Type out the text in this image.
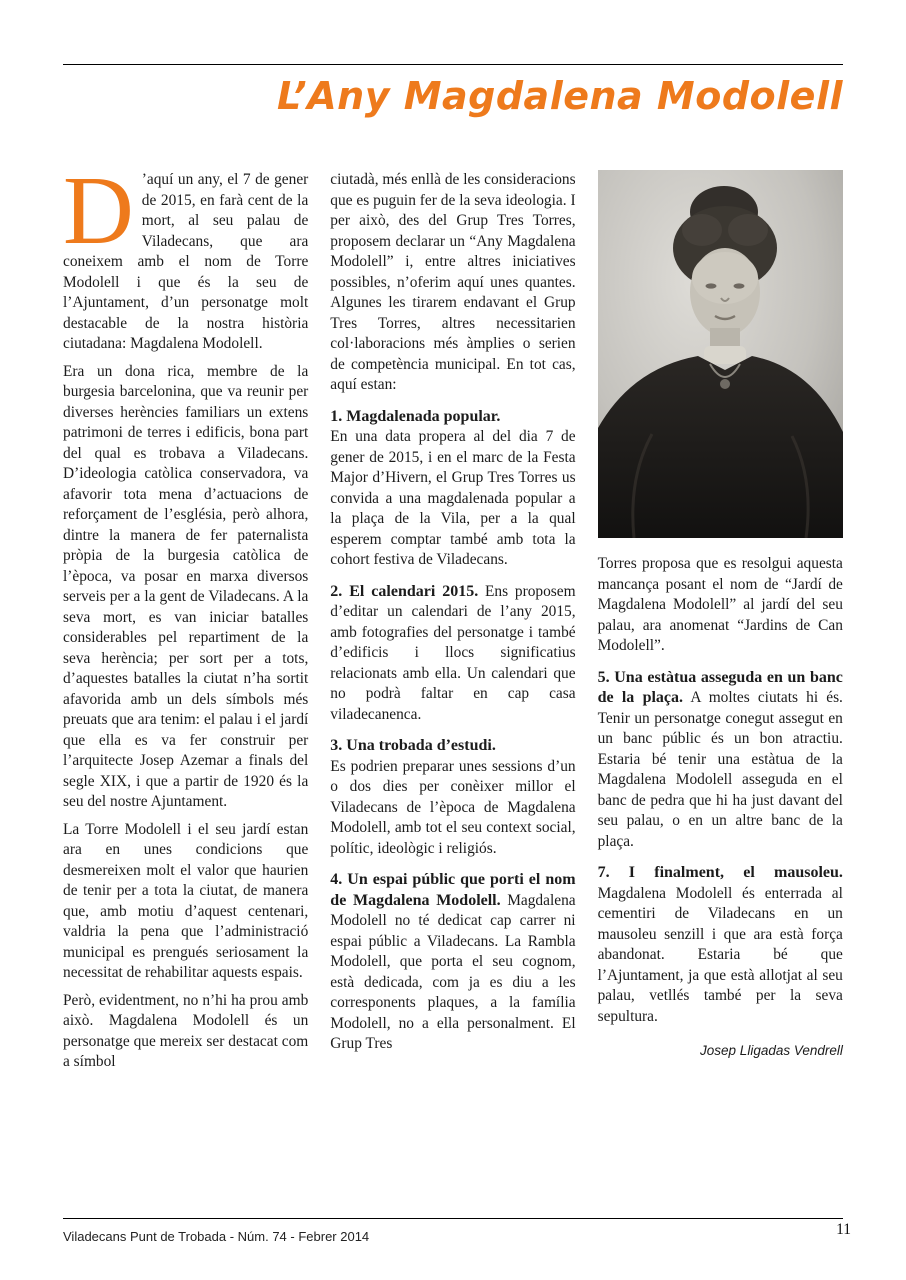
L’Any Magdalena Modolell

D ’aquí un any, el 7 de gener de 2015, en farà cent de la mort, al seu palau de Viladecans, que ara coneixem amb el nom de Torre Modolell i que és la seu de l’Ajuntament, d’un personatge molt destacable de la nostra història ciutadana: Magdalena Modolell.

Era un dona rica, membre de la burgesia barcelonina, que va reunir per diverses herències familiars un extens patrimoni de terres i edificis, bona part del qual es trobava a Viladecans. D’ideologia catòlica conservadora, va afavorir tota mena d’actuacions de reforçament de l’església, però alhora, dintre la manera de fer paternalista pròpia de la burgesia catòlica de l’època, va posar en marxa diversos serveis per a la gent de Viladecans. A la seva mort, es van iniciar batalles considerables pel repartiment de la seva herència; per sort per a tots, d’aquestes batalles la ciutat n’ha sortit afavorida amb un dels símbols més preuats que ara tenim: el palau i el jardí que ella es va fer construir per l’arquitecte Josep Azemar a finals del segle XIX, i que a partir de 1920 és la seu del nostre Ajuntament.

La Torre Modolell i el seu jardí estan ara en unes condicions que desmereixen molt el valor que haurien de tenir per a tota la ciutat, de manera que, amb motiu d’aquest centenari, valdria la pena que l’administració municipal es prengués seriosament la necessitat de rehabilitar aquests espais.

Però, evidentment, no n’hi ha prou amb això. Magdalena Modolell és un personatge que mereix ser destacat com a símbol

ciutadà, més enllà de les consideracions que es puguin fer de la seva ideologia. I per això, des del Grup Tres Torres, proposem declarar un “Any Magdalena Modolell” i, entre altres iniciatives possibles, n’oferim aquí unes quantes. Algunes les tirarem endavant el Grup Tres Torres, altres necessitarien col·laboracions més àmplies o serien de competència municipal. En tot cas, aquí estan:

1. Magdalenada popular.
En una data propera al del dia 7 de gener de 2015, i en el marc de la Festa Major d’Hivern, el Grup Tres Torres us convida a una magdalenada popular a la plaça de la Vila, per a la qual esperem comptar també amb tota la cohort festiva de Viladecans.

2. El calendari 2015. Ens proposem d’editar un calendari de l’any 2015, amb fotografies del personatge i també d’edificis i llocs significatius relacionats amb ella. Un calendari que no podrà faltar en cap casa viladecanenca.

3. Una trobada d’estudi.
Es podrien preparar unes sessions d’un o dos dies per conèixer millor el Viladecans de l’època de Magdalena Modolell, amb tot el seu context social, polític, ideològic i religiós.

4. Un espai públic que porti el nom de Magdalena Modolell. Magdalena Modolell no té dedicat cap carrer ni espai públic a Viladecans. La Rambla Modolell, que porta el seu cognom, està dedicada, com ja es diu a les corresponents plaques, a la família Modolell, no a ella personalment. El Grup Tres

Torres proposa que es resolgui aquesta mancança posant el nom de “Jardí de Magdalena Modolell” al jardí del seu palau, ara anomenat “Jardins de Can Modolell”.

5. Una estàtua asseguda en un banc de la plaça. A moltes ciutats hi és. Tenir un personatge conegut assegut en un banc públic és un bon atractiu. Estaria bé tenir una estàtua de la Magdalena Modolell asseguda en el banc de pedra que hi ha just davant del seu palau, o en un altre banc de la plaça.

7. I finalment, el mausoleu. Magdalena Modolell és enterrada al cementiri de Viladecans en un mausoleu senzill i que ara està força abandonat. Estaria bé que l’Ajuntament, ja que està allotjat al seu palau, vetllés també per la seva sepultura.

Josep Lligadas Vendrell

Viladecans Punt de Trobada - Núm. 74 - Febrer 2014	11
